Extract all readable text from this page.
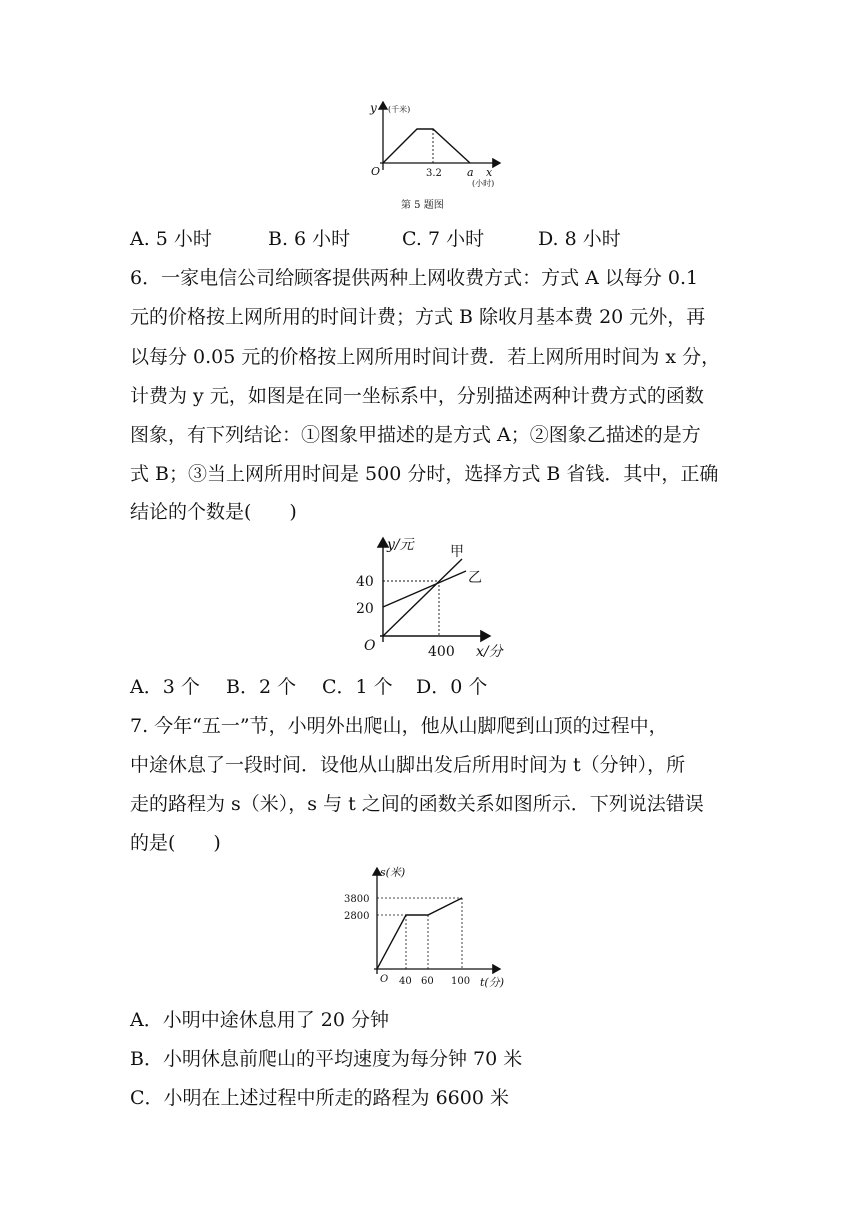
y (千米)
O	3.2 a x
(小时)
第 5 题图
A. 5 小时	B. 6 小时	C. 7 小时	D. 8 小时
6．一家电信公司给顾客提供两种上网收费方式：方式 A 以每分 0.1
元的价格按上网所用的时间计费；方式 B 除收月基本费 20 元外，再
以每分 0.05 元的价格按上网所用时间计费．若上网所用时间为 x 分，
计费为 y 元，如图是在同一坐标系中，分别描述两种计费方式的函数
图象，有下列结论：①图象甲描述的是方式 A；②图象乙描述的是方
式 B；③当上网所用时间是 500 分时，选择方式 B 省钱．其中，正确
结论的个数是(　　)
y/元	甲
乙
40
20
O	400 x/分
A．3 个 B．2 个 C．1 个 D．0 个
7. 今年“五一”节，小明外出爬山，他从山脚爬到山顶的过程中，
中途休息了一段时间．设他从山脚出发后所用时间为 t（分钟），所
走的路程为 s（米），s 与 t 之间的函数关系如图所示．下列说法错误
的是(　　)
s(米)
3800
2800
O 40 60 100 t(分)
A．小明中途休息用了 20 分钟
B．小明休息前爬山的平均速度为每分钟 70 米
C．小明在上述过程中所走的路程为 6600 米
